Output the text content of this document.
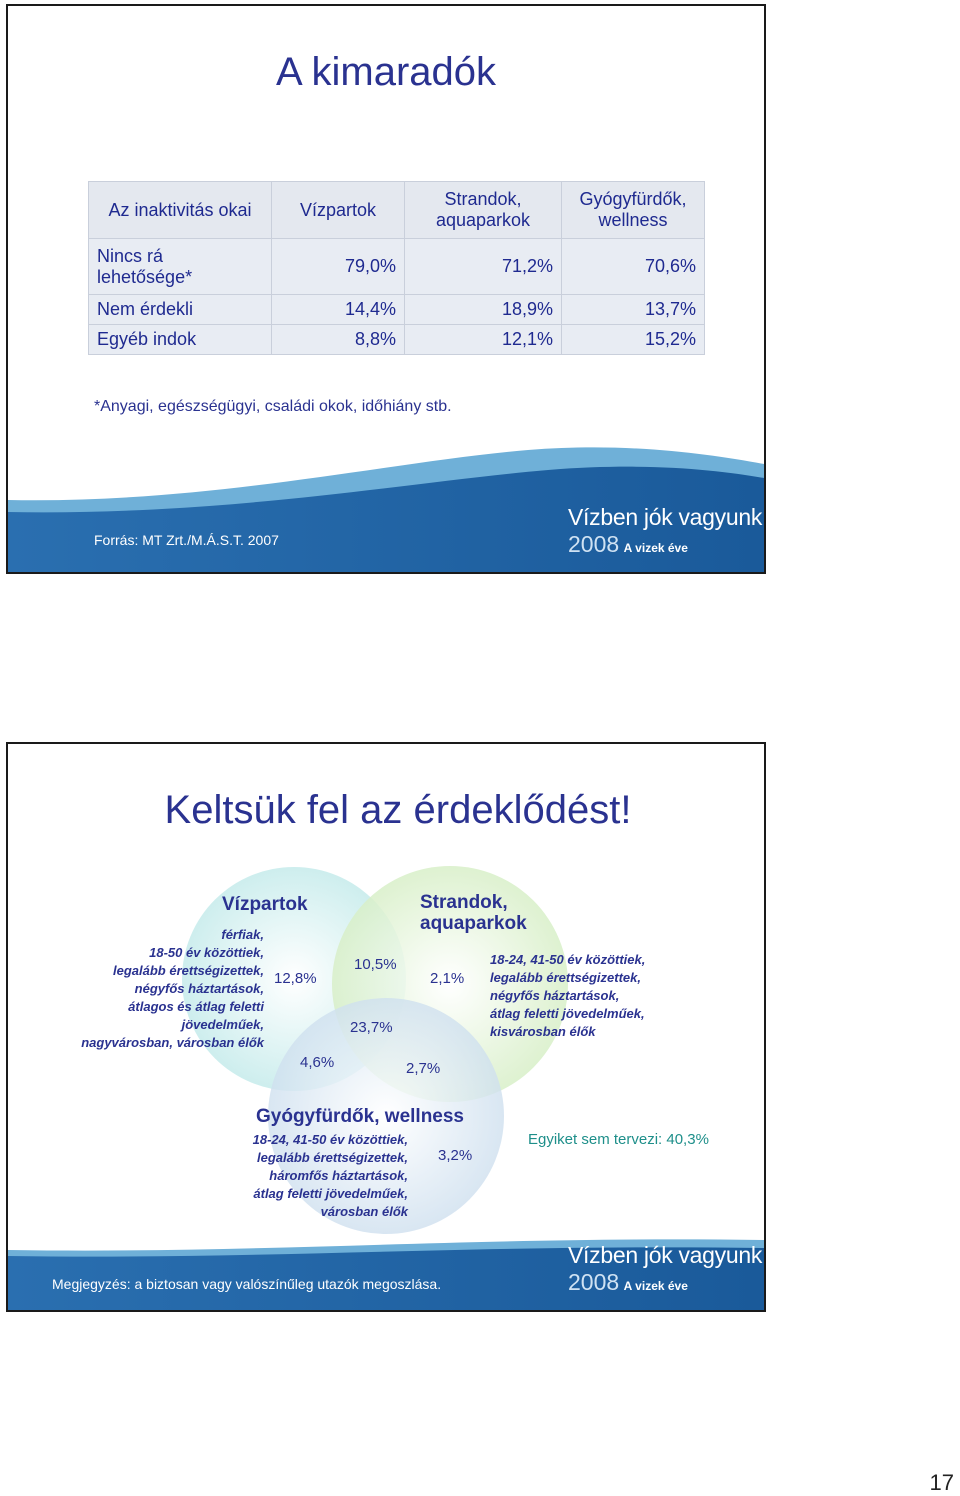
A kimaradók
Az inaktivitás okai	Vízpartok	Strandok, aquaparkok	Gyógyfürdők, wellness
Nincs rá lehetősége*	79,0%	71,2%	70,6%
Nem érdekli	14,4%	18,9%	13,7%
Egyéb indok	8,8%	12,1%	15,2%
*Anyagi, egészségügyi, családi okok, időhiány stb.
Forrás: MT Zrt./M.Á.S.T. 2007
Vízben jók vagyunk
2008 A vizek éve
Keltsük fel az érdeklődést!
Vízpartok	Strandok,
aquaparkok
Gyógyfürdők, wellness
férfiak,
18-50 év közöttiek,
legalább érettségizettek,
négyfős háztartások,
átlagos és átlag feletti
jövedelműek,
nagyvárosban, városban élők
18-24, 41-50 év közöttiek,
legalább érettségizettek,
négyfős háztartások,
átlag feletti jövedelműek,
kisvárosban élők
18-24, 41-50 év közöttiek,
legalább érettségizettek,
háromfős háztartások,
átlag feletti jövedelműek,
városban élők
12,8%
10,5%
2,1%
23,7%
4,6%	2,7%
3,2%
Egyiket sem tervezi: 40,3%
Megjegyzés: a biztosan vagy valószínűleg utazók megoszlása.
Vízben jók vagyunk
2008 A vizek éve
17
